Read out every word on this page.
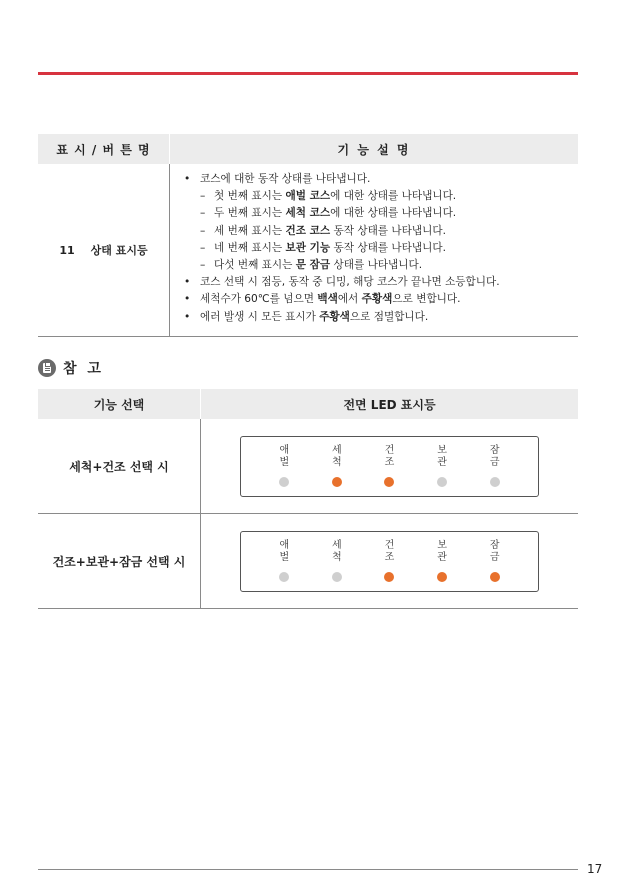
표 시 / 버 튼 명	기 능 설 명
11 상태 표시등
• 코스에 대한 동작 상태를 나타냅니다.
– 첫 번째 표시는 애벌 코스에 대한 상태를 나타냅니다.
– 두 번째 표시는 세척 코스에 대한 상태를 나타냅니다.
– 세 번째 표시는 건조 코스 동작 상태를 나타냅니다.
– 네 번째 표시는 보관 기능 동작 상태를 나타냅니다.
– 다섯 번째 표시는 문 잠금 상태를 나타냅니다.
• 코스 선택 시 점등, 동작 중 디밍, 해당 코스가 끝나면 소등합니다.
• 세척수가 60℃를 넘으면 백색에서 주황색으로 변합니다.
• 에러 발생 시 모든 표시가 주황색으로 점멸합니다.
참 고
기능 선택	전면 LED 표시등
세척+건조 선택 시
애벌
세척
건조
보관
잠금
건조+보관+잠금 선택 시
애벌
세척
건조
보관
잠금
17
